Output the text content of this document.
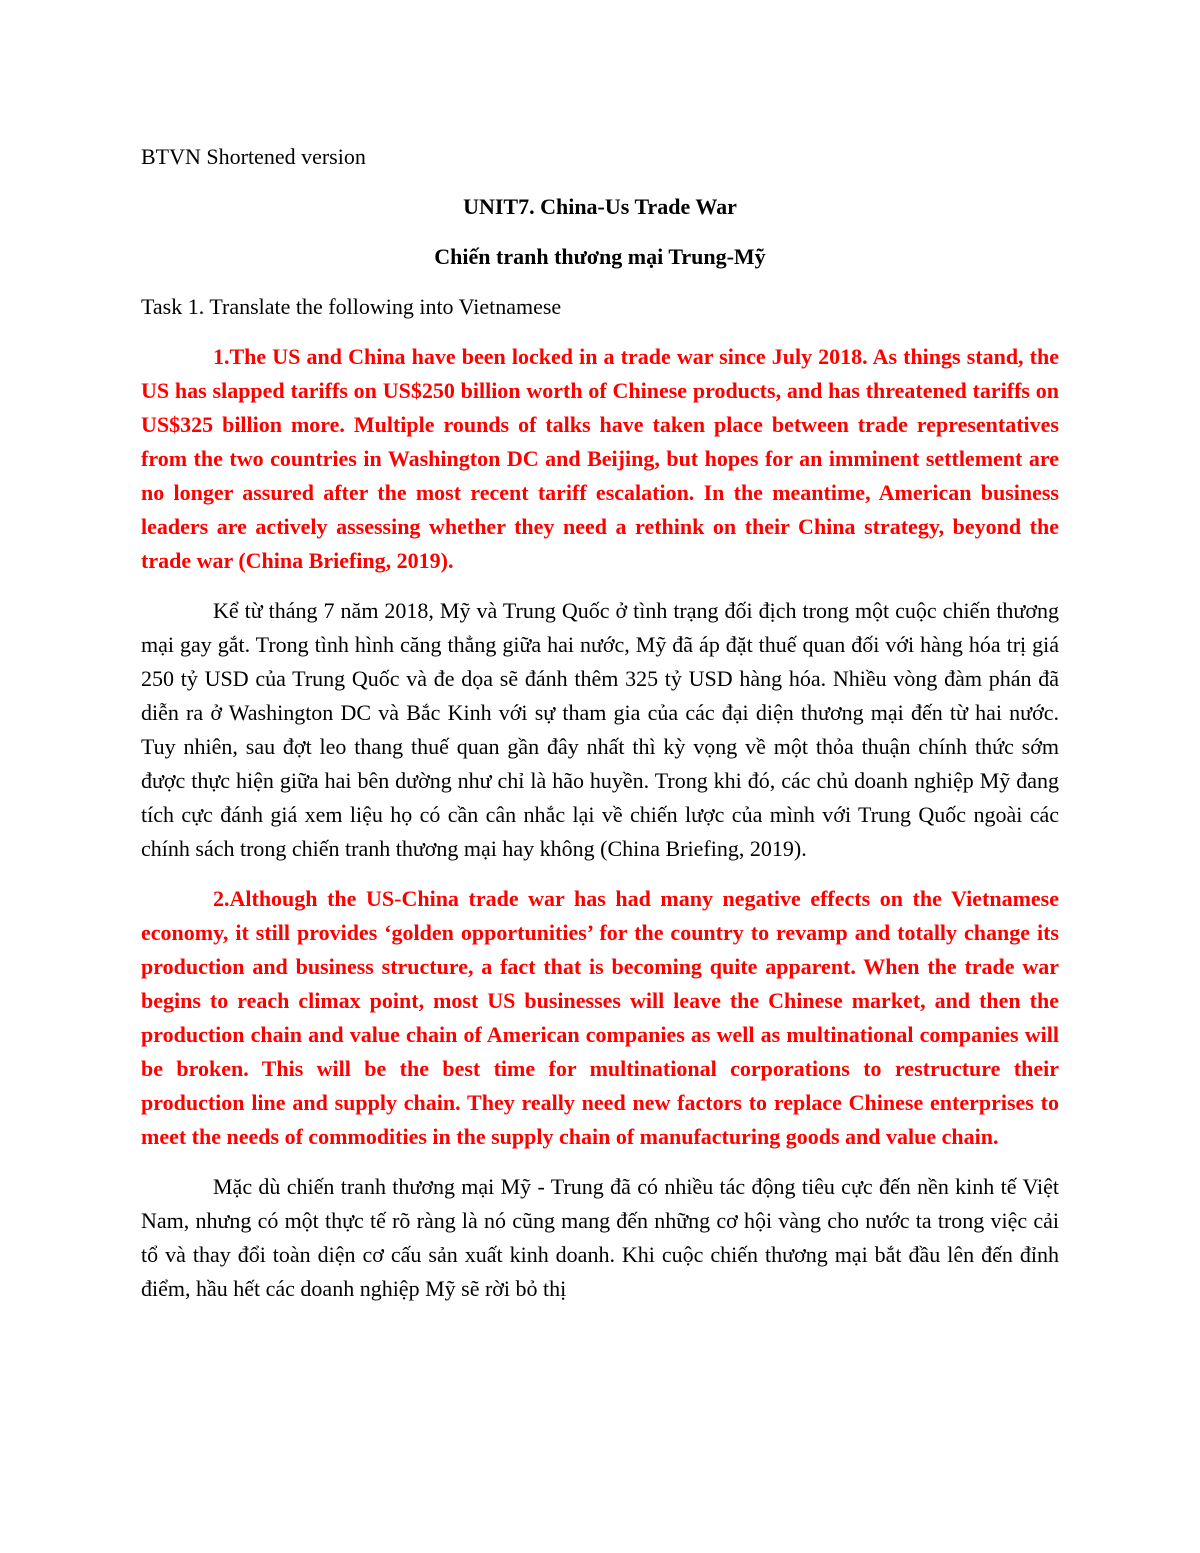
BTVN Shortened version

UNIT7. China-Us Trade War

Chiến tranh thương mại Trung-Mỹ

Task 1. Translate the following into Vietnamese

1.The US and China have been locked in a trade war since July 2018. As things stand, the US has slapped tariffs on US$250 billion worth of Chinese products, and has threatened tariffs on US$325 billion more. Multiple rounds of talks have taken place between trade representatives from the two countries in Washington DC and Beijing, but hopes for an imminent settlement are no longer assured after the most recent tariff escalation. In the meantime, American business leaders are actively assessing whether they need a rethink on their China strategy, beyond the trade war (China Briefing, 2019).

Kể từ tháng 7 năm 2018, Mỹ và Trung Quốc ở tình trạng đối địch trong một cuộc chiến thương mại gay gắt. Trong tình hình căng thẳng giữa hai nước, Mỹ đã áp đặt thuế quan đối với hàng hóa trị giá 250 tỷ USD của Trung Quốc và đe dọa sẽ đánh thêm 325 tỷ USD hàng hóa. Nhiều vòng đàm phán đã diễn ra ở Washington DC và Bắc Kinh với sự tham gia của các đại diện thương mại đến từ hai nước. Tuy nhiên, sau đợt leo thang thuế quan gần đây nhất thì kỳ vọng về một thỏa thuận chính thức sớm được thực hiện giữa hai bên dường như chỉ là hão huyền. Trong khi đó, các chủ doanh nghiệp Mỹ đang tích cực đánh giá xem liệu họ có cần cân nhắc lại về chiến lược của mình với Trung Quốc ngoài các chính sách trong chiến tranh thương mại hay không (China Briefing, 2019).

2.Although the US-China trade war has had many negative effects on the Vietnamese economy, it still provides ‘golden opportunities’ for the country to revamp and totally change its production and business structure, a fact that is becoming quite apparent. When the trade war begins to reach climax point, most US businesses will leave the Chinese market, and then the production chain and value chain of American companies as well as multinational companies will be broken. This will be the best time for multinational corporations to restructure their production line and supply chain. They really need new factors to replace Chinese enterprises to meet the needs of commodities in the supply chain of manufacturing goods and value chain.

Mặc dù chiến tranh thương mại Mỹ - Trung đã có nhiều tác động tiêu cực đến nền kinh tế Việt Nam, nhưng có một thực tế rõ ràng là nó cũng mang đến những cơ hội vàng cho nước ta trong việc cải tổ và thay đổi toàn diện cơ cấu sản xuất kinh doanh. Khi cuộc chiến thương mại bắt đầu lên đến đỉnh điểm, hầu hết các doanh nghiệp Mỹ sẽ rời bỏ thị
